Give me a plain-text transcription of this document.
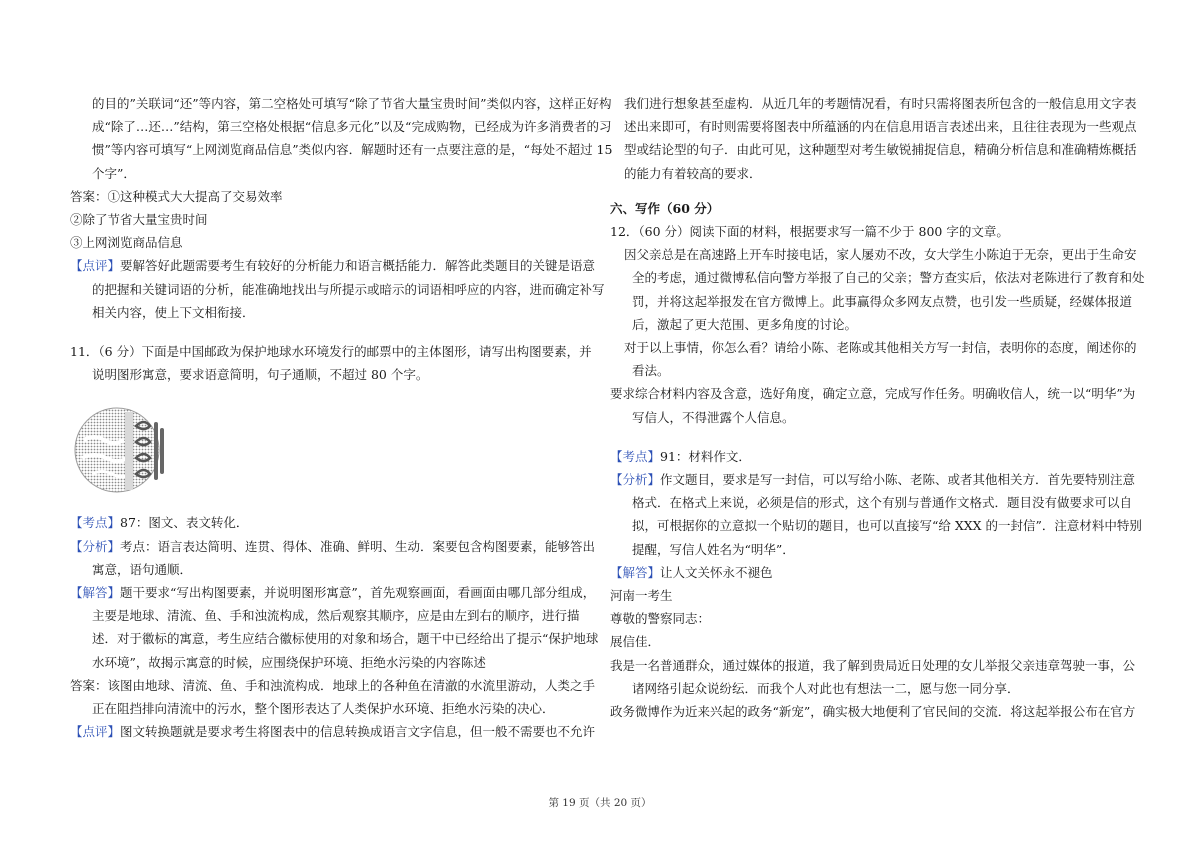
的目的”关联词“还”等内容，第二空格处可填写“除了节省大量宝贵时间”类似内容，这样正好构
成“除了…还…”结构，第三空格处根据“信息多元化”以及“完成购物，已经成为许多消费者的习
惯”等内容可填写“上网浏览商品信息”类似内容．解题时还有一点要注意的是，“每处不超过 15
个字”．
答案：①这种模式大大提高了交易效率
②除了节省大量宝贵时间
③上网浏览商品信息
【点评】要解答好此题需要考生有较好的分析能力和语言概括能力．解答此类题目的关键是语意
的把握和关键词语的分析，能准确地找出与所提示或暗示的词语相呼应的内容，进而确定补写
相关内容，使上下文相衔接．
11．（6 分）下面是中国邮政为保护地球水环境发行的邮票中的主体图形，请写出构图要素，并
说明图形寓意，要求语意简明，句子通顺，不超过 80 个字。
【考点】87：图文、表文转化．
【分析】考点：语言表达简明、连贯、得体、准确、鲜明、生动．案要包含构图要素，能够答出
寓意，语句通顺．
【解答】题干要求“写出构图要素，并说明图形寓意”，首先观察画面，看画面由哪几部分组成，
主要是地球、清流、鱼、手和浊流构成，然后观察其顺序，应是由左到右的顺序，进行描
述．对于徽标的寓意，考生应结合徽标使用的对象和场合，题干中已经给出了提示“保护地球
水环境”，故揭示寓意的时候，应围绕保护环境、拒绝水污染的内容陈述
答案：该图由地球、清流、鱼、手和浊流构成．地球上的各种鱼在清澈的水流里游动，人类之手
正在阻挡排向清流中的污水，整个图形表达了人类保护水环境、拒绝水污染的决心．
【点评】图文转换题就是要求考生将图表中的信息转换成语言文字信息，但一般不需要也不允许
我们进行想象甚至虚构．从近几年的考题情况看，有时只需将图表所包含的一般信息用文字表
述出来即可，有时则需要将图表中所蕴涵的内在信息用语言表述出来，且往往表现为一些观点
型或结论型的句子．由此可见，这种题型对考生敏锐捕捉信息，精确分析信息和准确精炼概括
的能力有着较高的要求．
六、写作（60 分）
12．（60 分）阅读下面的材料，根据要求写一篇不少于 800 字的文章。
因父亲总是在高速路上开车时接电话，家人屡劝不改，女大学生小陈迫于无奈，更出于生命安
全的考虑，通过微博私信向警方举报了自己的父亲；警方查实后，依法对老陈进行了教育和处
罚，并将这起举报发在官方微博上。此事赢得众多网友点赞，也引发一些质疑，经媒体报道
后，激起了更大范围、更多角度的讨论。
对于以上事情，你怎么看？请给小陈、老陈或其他相关方写一封信，表明你的态度，阐述你的
看法。
要求综合材料内容及含意，选好角度，确定立意，完成写作任务。明确收信人，统一以“明华”为
写信人，不得泄露个人信息。
【考点】91：材料作文．
【分析】作文题目，要求是写一封信，可以写给小陈、老陈、或者其他相关方．首先要特别注意
格式．在格式上来说，必须是信的形式，这个有别与普通作文格式．题目没有做要求可以自
拟，可根据你的立意拟一个贴切的题目，也可以直接写“给 XXX 的一封信”．注意材料中特别
提醒，写信人姓名为“明华”．
【解答】让人文关怀永不褪色
河南一考生
尊敬的警察同志：
展信佳．
我是一名普通群众，通过媒体的报道，我了解到贵局近日处理的女儿举报父亲违章驾驶一事，公
诸网络引起众说纷纭．而我个人对此也有想法一二，愿与您一同分享．
政务微博作为近来兴起的政务“新宠”，确实极大地便利了官民间的交流．将这起举报公布在官方
第 19 页（共 20 页）
